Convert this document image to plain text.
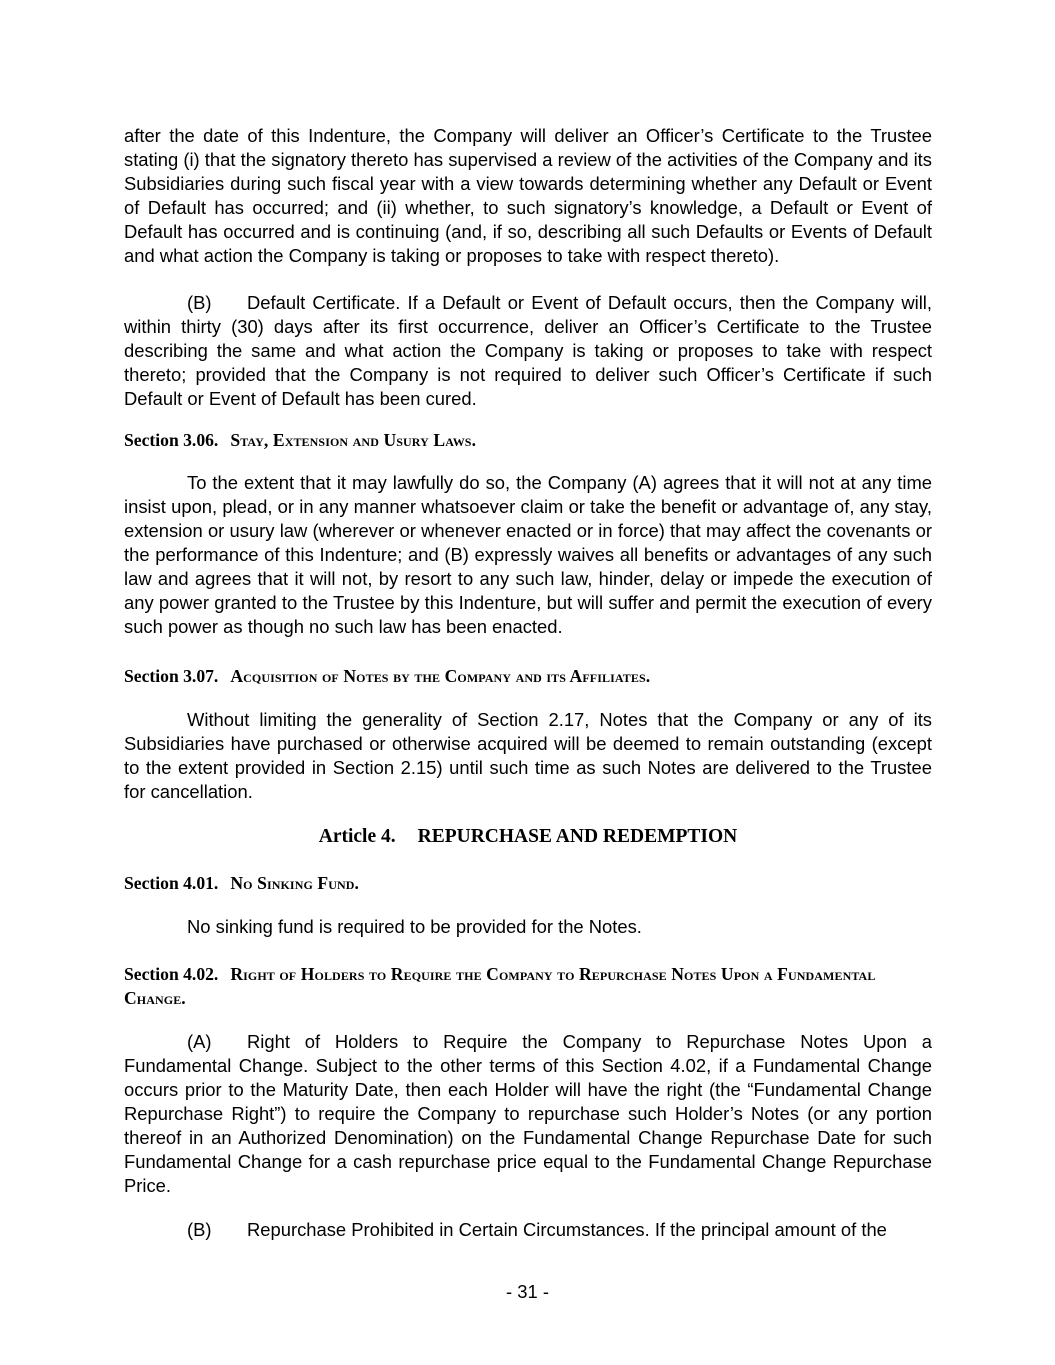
after the date of this Indenture, the Company will deliver an Officer’s Certificate to the Trustee stating (i) that the signatory thereto has supervised a review of the activities of the Company and its Subsidiaries during such fiscal year with a view towards determining whether any Default or Event of Default has occurred; and (ii) whether, to such signatory’s knowledge, a Default or Event of Default has occurred and is continuing (and, if so, describing all such Defaults or Events of Default and what action the Company is taking or proposes to take with respect thereto).

(B) Default Certificate. If a Default or Event of Default occurs, then the Company will, within thirty (30) days after its first occurrence, deliver an Officer’s Certificate to the Trustee describing the same and what action the Company is taking or proposes to take with respect thereto; provided that the Company is not required to deliver such Officer’s Certificate if such Default or Event of Default has been cured.

Section 3.06. Stay, Extension and Usury Laws.

To the extent that it may lawfully do so, the Company (A) agrees that it will not at any time insist upon, plead, or in any manner whatsoever claim or take the benefit or advantage of, any stay, extension or usury law (wherever or whenever enacted or in force) that may affect the covenants or the performance of this Indenture; and (B) expressly waives all benefits or advantages of any such law and agrees that it will not, by resort to any such law, hinder, delay or impede the execution of any power granted to the Trustee by this Indenture, but will suffer and permit the execution of every such power as though no such law has been enacted.

Section 3.07. Acquisition of Notes by the Company and its Affiliates.

Without limiting the generality of Section 2.17, Notes that the Company or any of its Subsidiaries have purchased or otherwise acquired will be deemed to remain outstanding (except to the extent provided in Section 2.15) until such time as such Notes are delivered to the Trustee for cancellation.

Article 4. REPURCHASE AND REDEMPTION
Section 4.01. No Sinking Fund.

No sinking fund is required to be provided for the Notes.

Section 4.02. Right of Holders to Require the Company to Repurchase Notes Upon a Fundamental Change.

(A) Right of Holders to Require the Company to Repurchase Notes Upon a Fundamental Change. Subject to the other terms of this Section 4.02, if a Fundamental Change occurs prior to the Maturity Date, then each Holder will have the right (the “Fundamental Change Repurchase Right”) to require the Company to repurchase such Holder’s Notes (or any portion thereof in an Authorized Denomination) on the Fundamental Change Repurchase Date for such Fundamental Change for a cash repurchase price equal to the Fundamental Change Repurchase Price.

(B) Repurchase Prohibited in Certain Circumstances. If the principal amount of the

- 31 -
